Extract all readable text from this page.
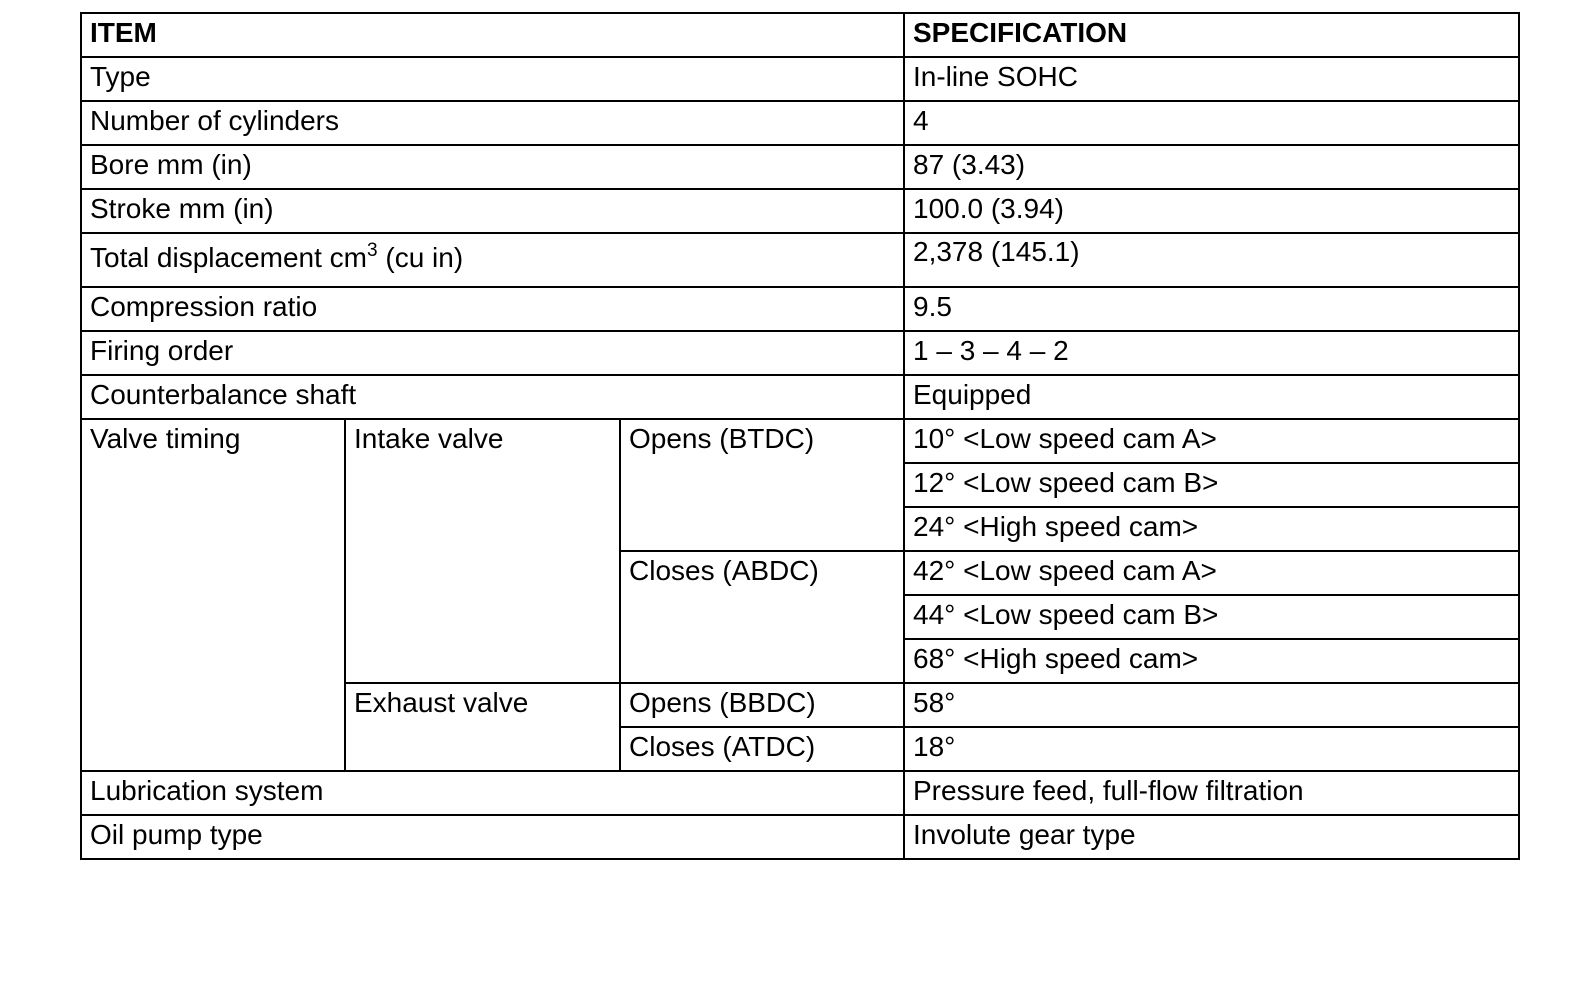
ITEM			SPECIFICATION
Type			In-line SOHC
Number of cylinders			4
Bore mm (in)			87 (3.43)
Stroke mm (in)			100.0 (3.94)
Total displacement $cm^3$ (cu in)			2,378 (145.1)
Compression ratio			9.5
Firing order			1 – 3 – 4 – 2
Counterbalance shaft			Equipped
Valve timing	Intake valve	Opens (BTDC)	10° <Low speed cam A>
			12° <Low speed cam B>
			24° <High speed cam>
		Closes (ABDC)	42° <Low speed cam A>
			44° <Low speed cam B>
			68° <High speed cam>
	Exhaust valve	Opens (BBDC)	58°
		Closes (ATDC)	18°
Lubrication system			Pressure feed, full-flow filtration
Oil pump type			Involute gear type
